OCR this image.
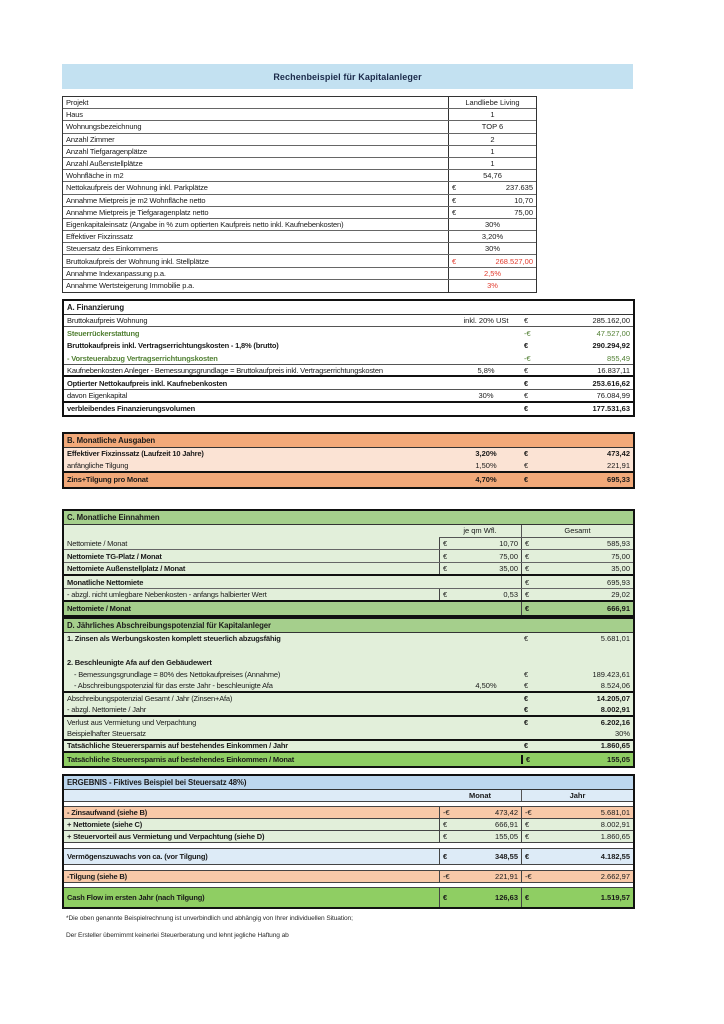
Rechenbeispiel für Kapitalanleger
Projekt	Landliebe Living
Haus	1
Wohnungsbezeichnung	TOP 6
Anzahl Zimmer	2
Anzahl Tiefgaragenplätze	1
Anzahl Außenstellplätze	1
Wohnfläche in m2	54,76
Nettokaufpreis der Wohnung inkl. Parkplätze	€	237.635
Annahme Mietpreis je m2 Wohnfläche netto	€	10,70
Annahme Mietpreis je Tiefgaragenplatz netto	€	75,00
Eigenkapitaleinsatz (Angabe in % zum optierten Kaufpreis netto inkl. Kaufnebenkosten)	30%
Effektiver Fixzinssatz	3,20%
Steuersatz des Einkommens	30%
Bruttokaufpreis der Wohnung inkl. Stellplätze	€	268.527,00
Annahme Indexanpassung p.a.	2,5%
Annahme Wertsteigerung Immobilie p.a.	3%
A. Finanzierung
Bruttokaufpreis Wohnung	inkl. 20% USt	€	285.162,00
Steuerrückerstattung	-€	47.527,00
Bruttokaufpreis inkl. Vertragserrichtungskosten - 1,8% (brutto)	€	290.294,92
- Vorsteuerabzug Vertragserrichtungskosten	-€	855,49
Kaufnebenkosten Anleger - Bemessungsgrundlage = Bruttokaufpreis inkl. Vertragserrichtungskosten	5,8%	€	16.837,11
Optierter Nettokaufpreis inkl. Kaufnebenkosten	€	253.616,62
davon Eigenkapital	30%	€	76.084,99
verbleibendes Finanzierungsvolumen	€	177.531,63
B. Monatliche Ausgaben
Effektiver Fixzinssatz (Laufzeit 10 Jahre)	3,20%	€	473,42
anfängliche Tilgung	1,50%	€	221,91
Zins+Tilgung pro Monat	4,70%	€	695,33
C. Monatliche Einnahmen
je qm Wfl.	Gesamt
Nettomiete / Monat	€	10,70 €	585,93
Nettomiete TG-Platz / Monat	€	75,00 €	75,00
Nettomiete Außenstellplatz / Monat	€	35,00 €	35,00
Monatliche Nettomiete	€	695,93
- abzgl. nicht umlegbare Nebenkosten - anfangs halbierter Wert	€	0,53 €	29,02
Nettomiete / Monat	€	666,91
D. Jährliches Abschreibungspotenzial für Kapitalanleger
1. Zinsen als Werbungskosten komplett steuerlich abzugsfähig	€	5.681,01
2. Beschleunigte Afa auf den Gebäudewert
- Bemessungsgrundlage = 80% des Nettokaufpreises (Annahme)	€	189.423,61
- Abschreibungspotenzial für das erste Jahr - beschleunigte Afa	4,50%	€	8.524,06
Abschreibungspotenzial Gesamt / Jahr (Zinsen+Afa)	€	14.205,07
- abzgl. Nettomiete / Jahr	€	8.002,91
Verlust aus Vermietung und Verpachtung	€	6.202,16
Beispielhafter Steuersatz	30%
Tatsächliche Steuerersparnis auf bestehendes Einkommen / Jahr	€	1.860,65
Tatsächliche Steuerersparnis auf bestehendes Einkommen / Monat	€	155,05
ERGEBNIS - Fiktives Beispiel bei Steuersatz 48%)
Monat	Jahr
- Zinsaufwand (siehe B)	-€	473,42 -€	5.681,01
+ Nettomiete (siehe C)	€	666,91 €	8.002,91
+ Steuervorteil aus Vermietung und Verpachtung (siehe D)	€	155,05 €	1.860,65
Vermögenszuwachs von ca. (vor Tilgung)	€	348,55 €	4.182,55
-Tilgung (siehe B)	-€	221,91 -€	2.662,97
Cash Flow im ersten Jahr (nach Tilgung)	€	126,63 €	1.519,57
*Die oben genannte Beispielrechnung ist unverbindlich und abhängig von Ihrer individuellen Situation;
Der Ersteller übernimmt keinerlei Steuerberatung und lehnt jegliche Haftung ab
